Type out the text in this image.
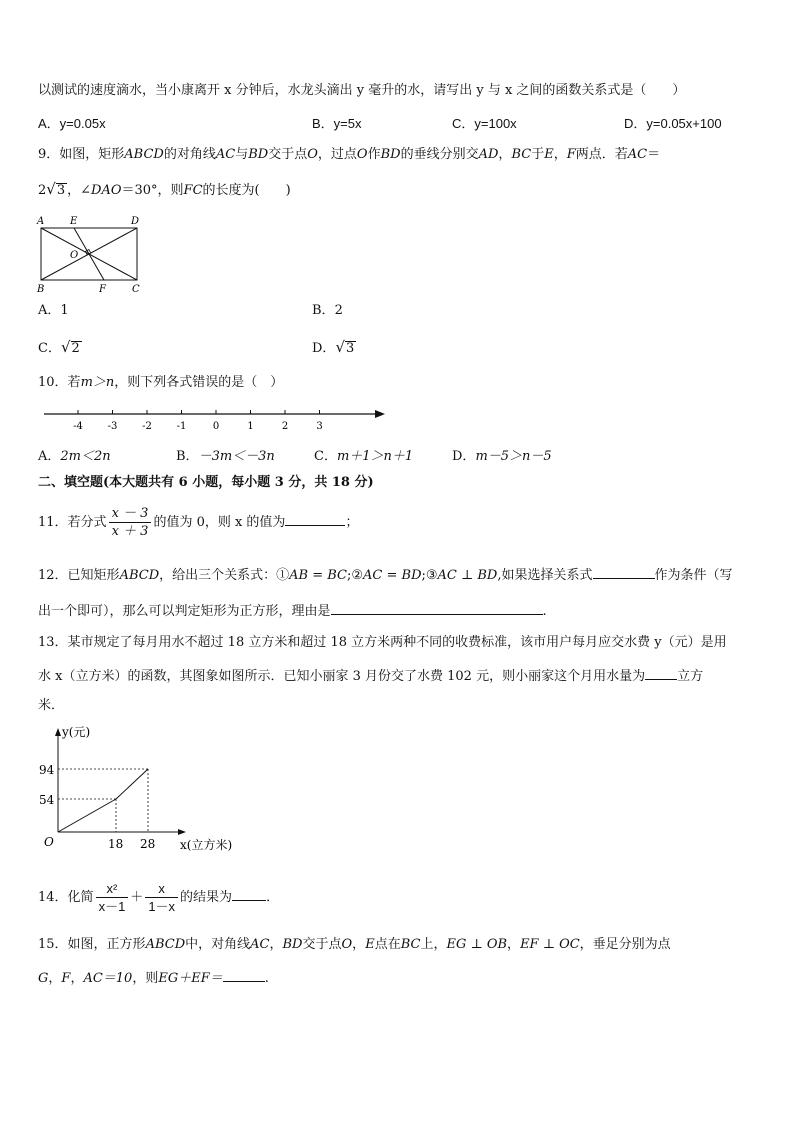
以测试的速度滴水，当小康离开 x 分钟后，水龙头滴出 y 毫升的水，请写出 y 与 x 之间的函数关系式是（　　）
A．y=0.05x	B．y=5x	C．y=100x	D．y=0.05x+100
9．如图，矩形ABCD的对角线AC与BD交于点O，过点O作BD的垂线分别交AD，BC于E，F两点．若AC＝
2√3 ，∠DAO＝30°，则FC的长度为(　　)
A	E	D
O
B	F	C
A．1	B．2
C．√2	D．√3
10．若m＞n，则下列各式错误的是（　）
-4 -3 -2 -1	0	1	2	3
A．2m＜2n	B．－3m＜－3n	C．m＋1＞n＋1	D．m－5＞n－5
二、填空题(本大题共有 6 小题，每小题 3 分，共 18 分)
11．若分式 $\frac{x - 3}{x + 3}$ 的值为 0，则 x 的值为	；
12．已知矩形ABCD，给出三个关系式：①AB = BC;②AC = BD;③AC ⊥ BD,如果选择关系式	作为条件（写
出一个即可），那么可以判定矩形为正方形，理由是	.
13．某市规定了每月用水不超过 18 立方米和超过 18 立方米两种不同的收费标准，该市用户每月应交水费 y（元）是用
水 x（立方米）的函数，其图象如图所示．已知小丽家 3 月份交了水费 102 元，则小丽家这个月用水量为 立方
米．
y(元)
x(立方米)
O
94
54
18 28
14．化简 $\frac{\text{x²}}{x-1} + \frac{x}{1-x}$ 的结果为	．
15．如图，正方形ABCD中，对角线AC，BD交于点O，E点在BC上，EG ⊥ OB，EF ⊥ OC，垂足分别为点
G，F，AC＝10，则EG＋EF＝	.
